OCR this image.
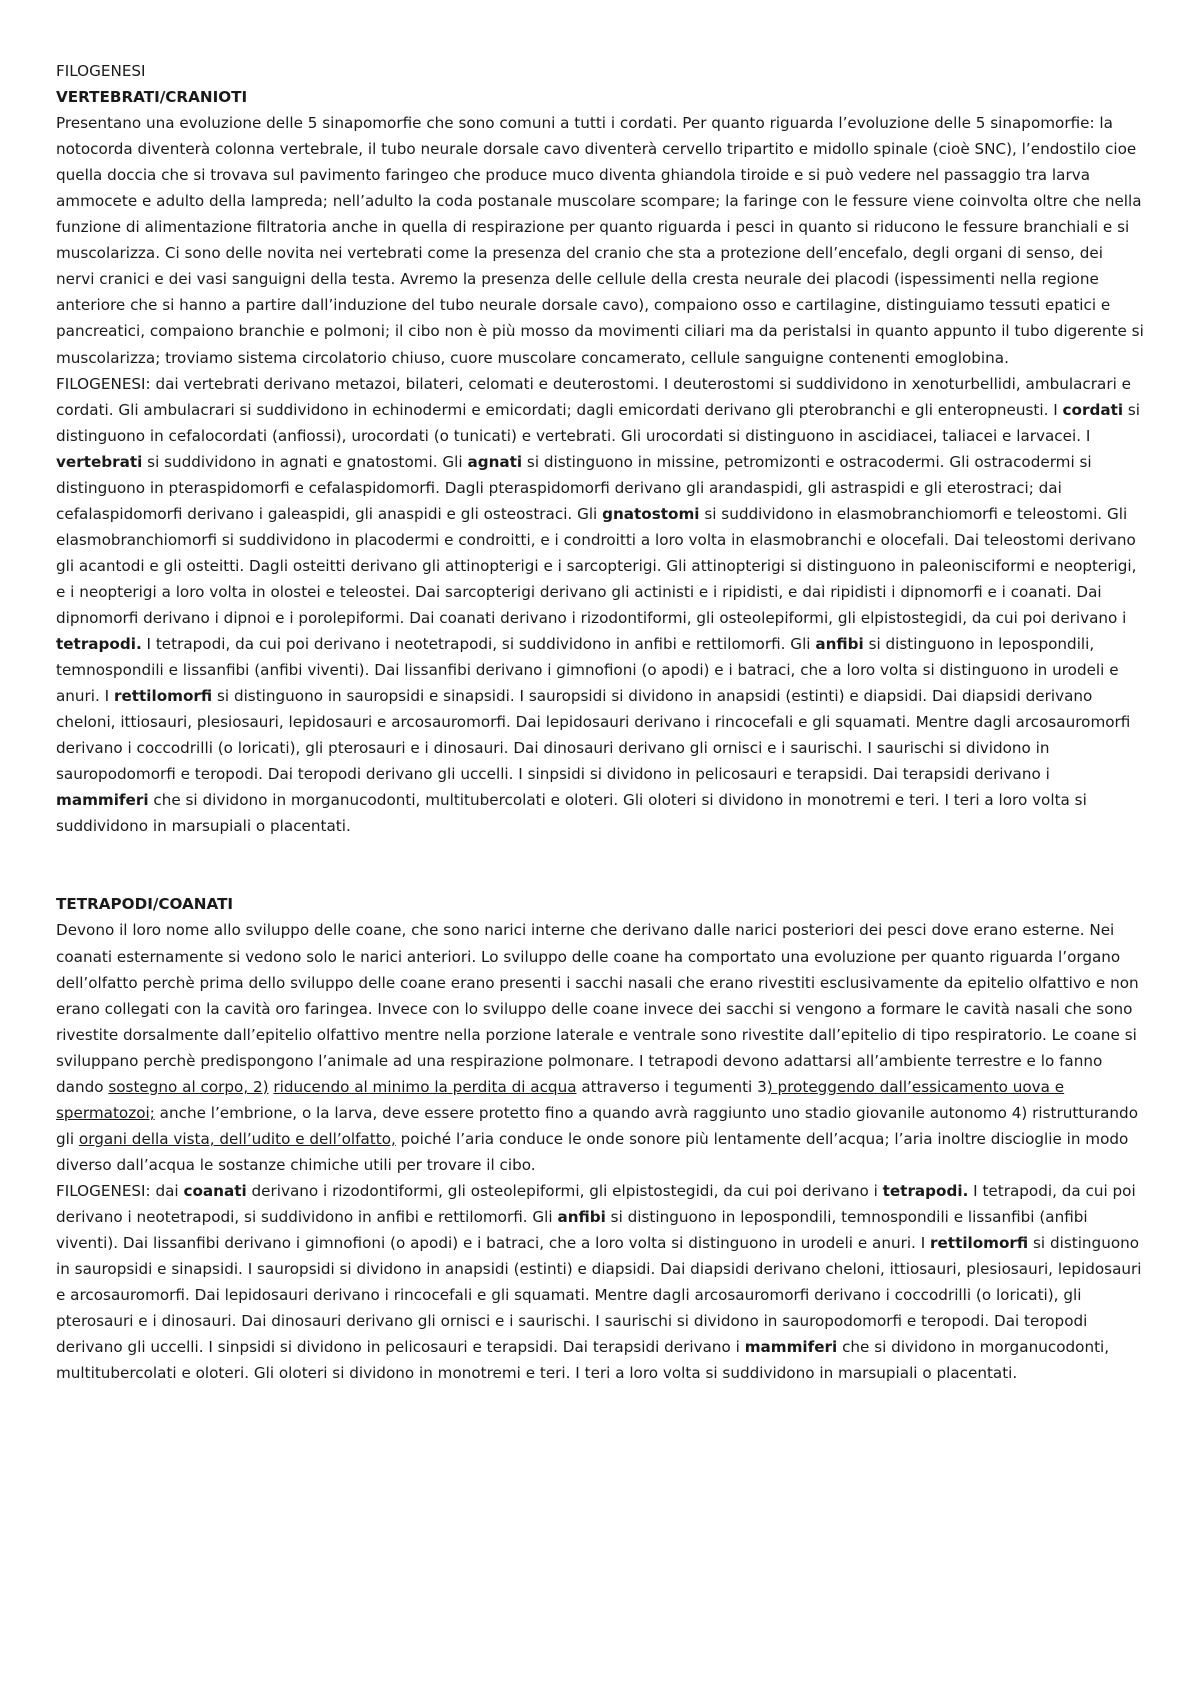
FILOGENESI

VERTEBRATI/CRANIOTI

Presentano una evoluzione delle 5 sinapomorfie che sono comuni a tutti i cordati. Per quanto riguarda l’evoluzione delle 5 sinapomorfie: la notocorda diventerà colonna vertebrale, il tubo neurale dorsale cavo diventerà cervello tripartito e midollo spinale (cioè SNC), l’endostilo cioe quella doccia che si trovava sul pavimento faringeo che produce muco diventa ghiandola tiroide e si può vedere nel passaggio tra larva ammocete e adulto della lampreda; nell’adulto la coda postanale muscolare scompare; la faringe con le fessure viene coinvolta oltre che nella funzione di alimentazione filtratoria anche in quella di respirazione per quanto riguarda i pesci in quanto si riducono le fessure branchiali e si muscolarizza. Ci sono delle novita nei vertebrati come la presenza del cranio che sta a protezione dell’encefalo, degli organi di senso, dei nervi cranici e dei vasi sanguigni della testa. Avremo la presenza delle cellule della cresta neurale dei placodi (ispessimenti nella regione anteriore che si hanno a partire dall’induzione del tubo neurale dorsale cavo), compaiono osso e cartilagine, distinguiamo tessuti epatici e pancreatici, compaiono branchie e polmoni; il cibo non è più mosso da movimenti ciliari ma da peristalsi in quanto appunto il tubo digerente si muscolarizza; troviamo sistema circolatorio chiuso, cuore muscolare concamerato, cellule sanguigne contenenti emoglobina.

FILOGENESI: dai vertebrati derivano metazoi, bilateri, celomati e deuterostomi. I deuterostomi si suddividono in xenoturbellidi, ambulacrari e cordati. Gli ambulacrari si suddividono in echinodermi e emicordati; dagli emicordati derivano gli pterobranchi e gli enteropneusti. I cordati si distinguono in cefalocordati (anfiossi), urocordati (o tunicati) e vertebrati. Gli urocordati si distinguono in ascidiacei, taliacei e larvacei. I vertebrati si suddividono in agnati e gnatostomi. Gli agnati si distinguono in missine, petromizonti e ostracodermi. Gli ostracodermi si distinguono in pteraspidomorfi e cefalaspidomorfi. Dagli pteraspidomorfi derivano gli arandaspidi, gli astraspidi e gli eterostraci; dai cefalaspidomorfi derivano i galeaspidi, gli anaspidi e gli osteostraci. Gli gnatostomi si suddividono in elasmobranchiomorfi e teleostomi. Gli elasmobranchiomorfi si suddividono in placodermi e condroitti, e i condroitti a loro volta in elasmobranchi e olocefali. Dai teleostomi derivano gli acantodi e gli osteitti. Dagli osteitti derivano gli attinopterigi e i sarcopterigi. Gli attinopterigi si distinguono in paleonisciformi e neopterigi, e i neopterigi a loro volta in olostei e teleostei. Dai sarcopterigi derivano gli actinisti e i ripidisti, e dai ripidisti i dipnomorfi e i coanati. Dai dipnomorfi derivano i dipnoi e i porolepiformi. Dai coanati derivano i rizodontiformi, gli osteolepiformi, gli elpistostegidi, da cui poi derivano i tetrapodi. I tetrapodi, da cui poi derivano i neotetrapodi, si suddividono in anfibi e rettilomorfi. Gli anfibi si distinguono in lepospondili, temnospondili e lissanfibi (anfibi viventi). Dai lissanfibi derivano i gimnofioni (o apodi) e i batraci, che a loro volta si distinguono in urodeli e anuri. I rettilomorfi si distinguono in sauropsidi e sinapsidi. I sauropsidi si dividono in anapsidi (estinti) e diapsidi. Dai diapsidi derivano cheloni, ittiosauri, plesiosauri, lepidosauri e arcosauromorfi. Dai lepidosauri derivano i rincocefali e gli squamati. Mentre dagli arcosauromorfi derivano i coccodrilli (o loricati), gli pterosauri e i dinosauri. Dai dinosauri derivano gli ornisci e i saurischi. I saurischi si dividono in sauropodomorfi e teropodi. Dai teropodi derivano gli uccelli. I sinpsidi si dividono in pelicosauri e terapsidi. Dai terapsidi derivano i mammiferi che si dividono in morganucodonti, multitubercolati e oloteri. Gli oloteri si dividono in monotremi e teri. I teri a loro volta si suddividono in marsupiali o placentati.

TETRAPODI/COANATI

Devono il loro nome allo sviluppo delle coane, che sono narici interne che derivano dalle narici posteriori dei pesci dove erano esterne. Nei coanati esternamente si vedono solo le narici anteriori. Lo sviluppo delle coane ha comportato una evoluzione per quanto riguarda l’organo dell’olfatto perchè prima dello sviluppo delle coane erano presenti i sacchi nasali che erano rivestiti esclusivamente da epitelio olfattivo e non erano collegati con la cavità oro faringea. Invece con lo sviluppo delle coane invece dei sacchi si vengono a formare le cavità nasali che sono rivestite dorsalmente dall’epitelio olfattivo mentre nella porzione laterale e ventrale sono rivestite dall’epitelio di tipo respiratorio. Le coane si sviluppano perchè predispongono l’animale ad una respirazione polmonare. I tetrapodi devono adattarsi all’ambiente terrestre e lo fanno dando sostegno al corpo, 2) riducendo al minimo la perdita di acqua attraverso i tegumenti 3) proteggendo dall’essicamento uova e spermatozoi; anche l’embrione, o la larva, deve essere protetto fino a quando avrà raggiunto uno stadio giovanile autonomo 4) ristrutturando gli organi della vista, dell’udito e dell’olfatto, poiché l’aria conduce le onde sonore più lentamente dell’acqua; l’aria inoltre discioglie in modo diverso dall’acqua le sostanze chimiche utili per trovare il cibo.

FILOGENESI: dai coanati derivano i rizodontiformi, gli osteolepiformi, gli elpistostegidi, da cui poi derivano i tetrapodi. I tetrapodi, da cui poi derivano i neotetrapodi, si suddividono in anfibi e rettilomorfi. Gli anfibi si distinguono in lepospondili, temnospondili e lissanfibi (anfibi viventi). Dai lissanfibi derivano i gimnofioni (o apodi) e i batraci, che a loro volta si distinguono in urodeli e anuri. I rettilomorfi si distinguono in sauropsidi e sinapsidi. I sauropsidi si dividono in anapsidi (estinti) e diapsidi. Dai diapsidi derivano cheloni, ittiosauri, plesiosauri, lepidosauri e arcosauromorfi. Dai lepidosauri derivano i rincocefali e gli squamati. Mentre dagli arcosauromorfi derivano i coccodrilli (o loricati), gli pterosauri e i dinosauri. Dai dinosauri derivano gli ornisci e i saurischi. I saurischi si dividono in sauropodomorfi e teropodi. Dai teropodi derivano gli uccelli. I sinpsidi si dividono in pelicosauri e terapsidi. Dai terapsidi derivano i mammiferi che si dividono in morganucodonti, multitubercolati e oloteri. Gli oloteri si dividono in monotremi e teri. I teri a loro volta si suddividono in marsupiali o placentati.
